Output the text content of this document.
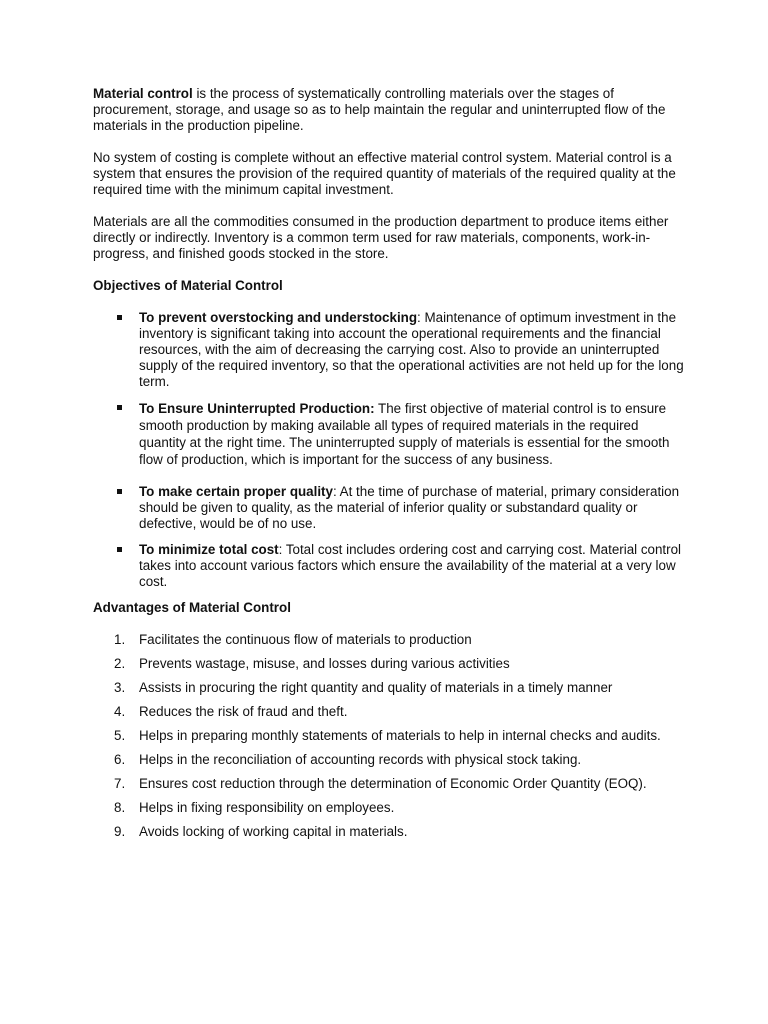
Material control is the process of systematically controlling materials over the stages of procurement, storage, and usage so as to help maintain the regular and uninterrupted flow of the materials in the production pipeline.

No system of costing is complete without an effective material control system. Material control is a system that ensures the provision of the required quantity of materials of the required quality at the required time with the minimum capital investment.

Materials are all the commodities consumed in the production department to produce items either directly or indirectly. Inventory is a common term used for raw materials, components, work-in-progress, and finished goods stocked in the store.

Objectives of Material Control

To prevent overstocking and understocking: Maintenance of optimum investment in the inventory is significant taking into account the operational requirements and the financial resources, with the aim of decreasing the carrying cost. Also to provide an uninterrupted supply of the required inventory, so that the operational activities are not held up for the long term.
To Ensure Uninterrupted Production: The first objective of material control is to ensure smooth production by making available all types of required materials in the required quantity at the right time. The uninterrupted supply of materials is essential for the smooth flow of production, which is important for the success of any business.
To make certain proper quality: At the time of purchase of material, primary consideration should be given to quality, as the material of inferior quality or substandard quality or defective, would be of no use.
To minimize total cost: Total cost includes ordering cost and carrying cost. Material control takes into account various factors which ensure the availability of the material at a very low cost.

Advantages of Material Control

1. Facilitates the continuous flow of materials to production
2. Prevents wastage, misuse, and losses during various activities
3. Assists in procuring the right quantity and quality of materials in a timely manner
4. Reduces the risk of fraud and theft.
5. Helps in preparing monthly statements of materials to help in internal checks and audits.
6. Helps in the reconciliation of accounting records with physical stock taking.
7. Ensures cost reduction through the determination of Economic Order Quantity (EOQ).
8. Helps in fixing responsibility on employees.
9. Avoids locking of working capital in materials.
